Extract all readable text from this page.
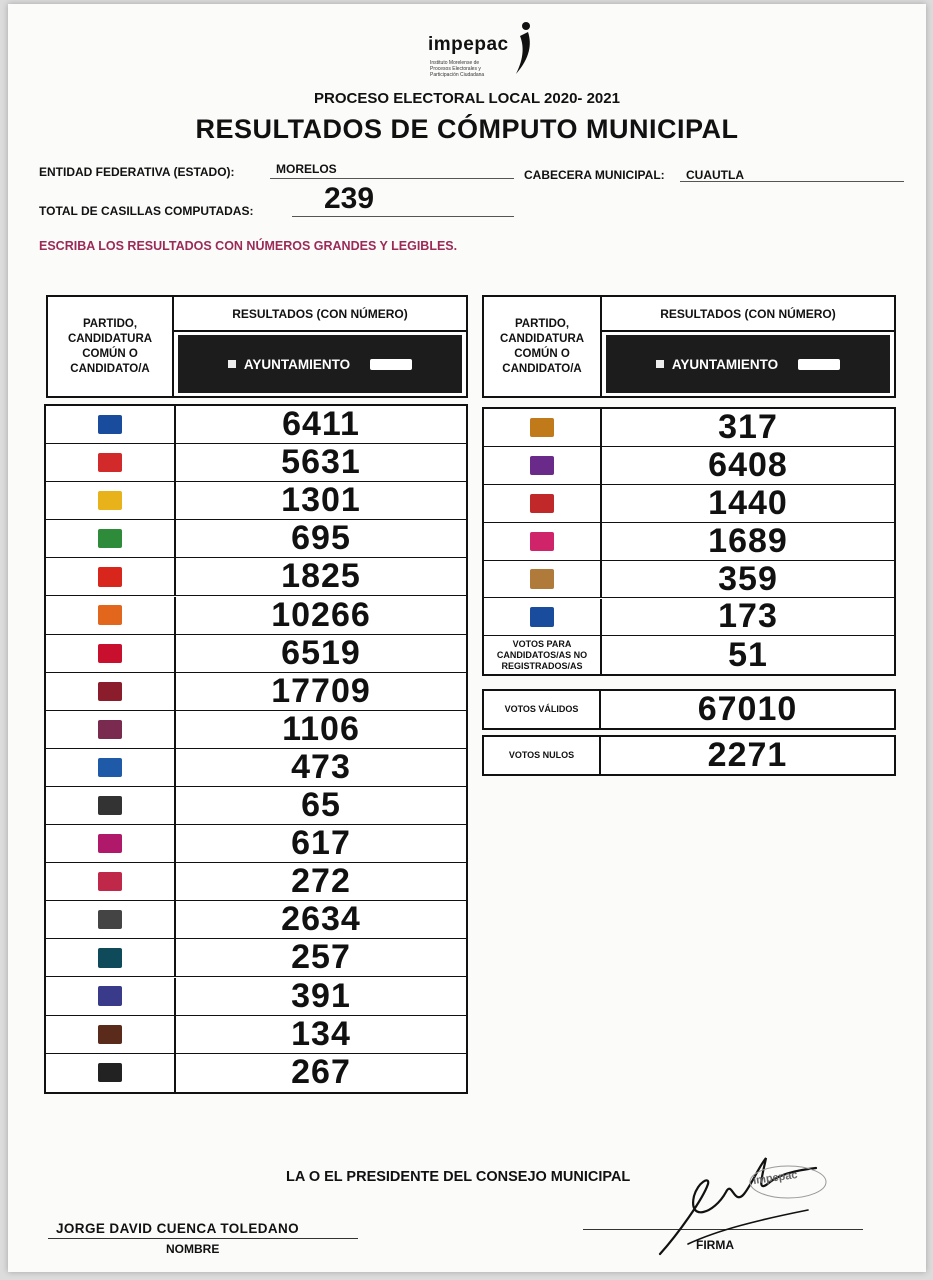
impepac
Instituto Morelense de Procesos Electorales y Participación Ciudadana
PROCESO ELECTORAL LOCAL 2020- 2021
RESULTADOS DE CÓMPUTO MUNICIPAL
ENTIDAD FEDERATIVA (ESTADO):	MORELOS	CABECERA MUNICIPAL: CUAUTLA
TOTAL DE CASILLAS COMPUTADAS: 239
ESCRIBA LOS RESULTADOS CON NÚMEROS GRANDES Y LEGIBLES.
PARTIDO, CANDIDATURA COMÚN O CANDIDATO/A
RESULTADOS (CON NÚMERO)
AYUNTAMIENTO
PARTIDO, CANDIDATURA COMÚN O CANDIDATO/A
RESULTADOS (CON NÚMERO)
AYUNTAMIENTO
6411
5631
1301
695
1825
10266
6519
17709
1106
473
65
617
272
2634
257
391
134
267
317
6408
1440
1689
359
173
VOTOS PARA CANDIDATOS/AS NO REGISTRADOS/AS	51
VOTOS VÁLIDOS	67010
VOTOS NULOS	2271
LA O EL PRESIDENTE DEL CONSEJO MUNICIPAL
JORGE DAVID CUENCA TOLEDANO
NOMBRE	FIRMA
impepac
